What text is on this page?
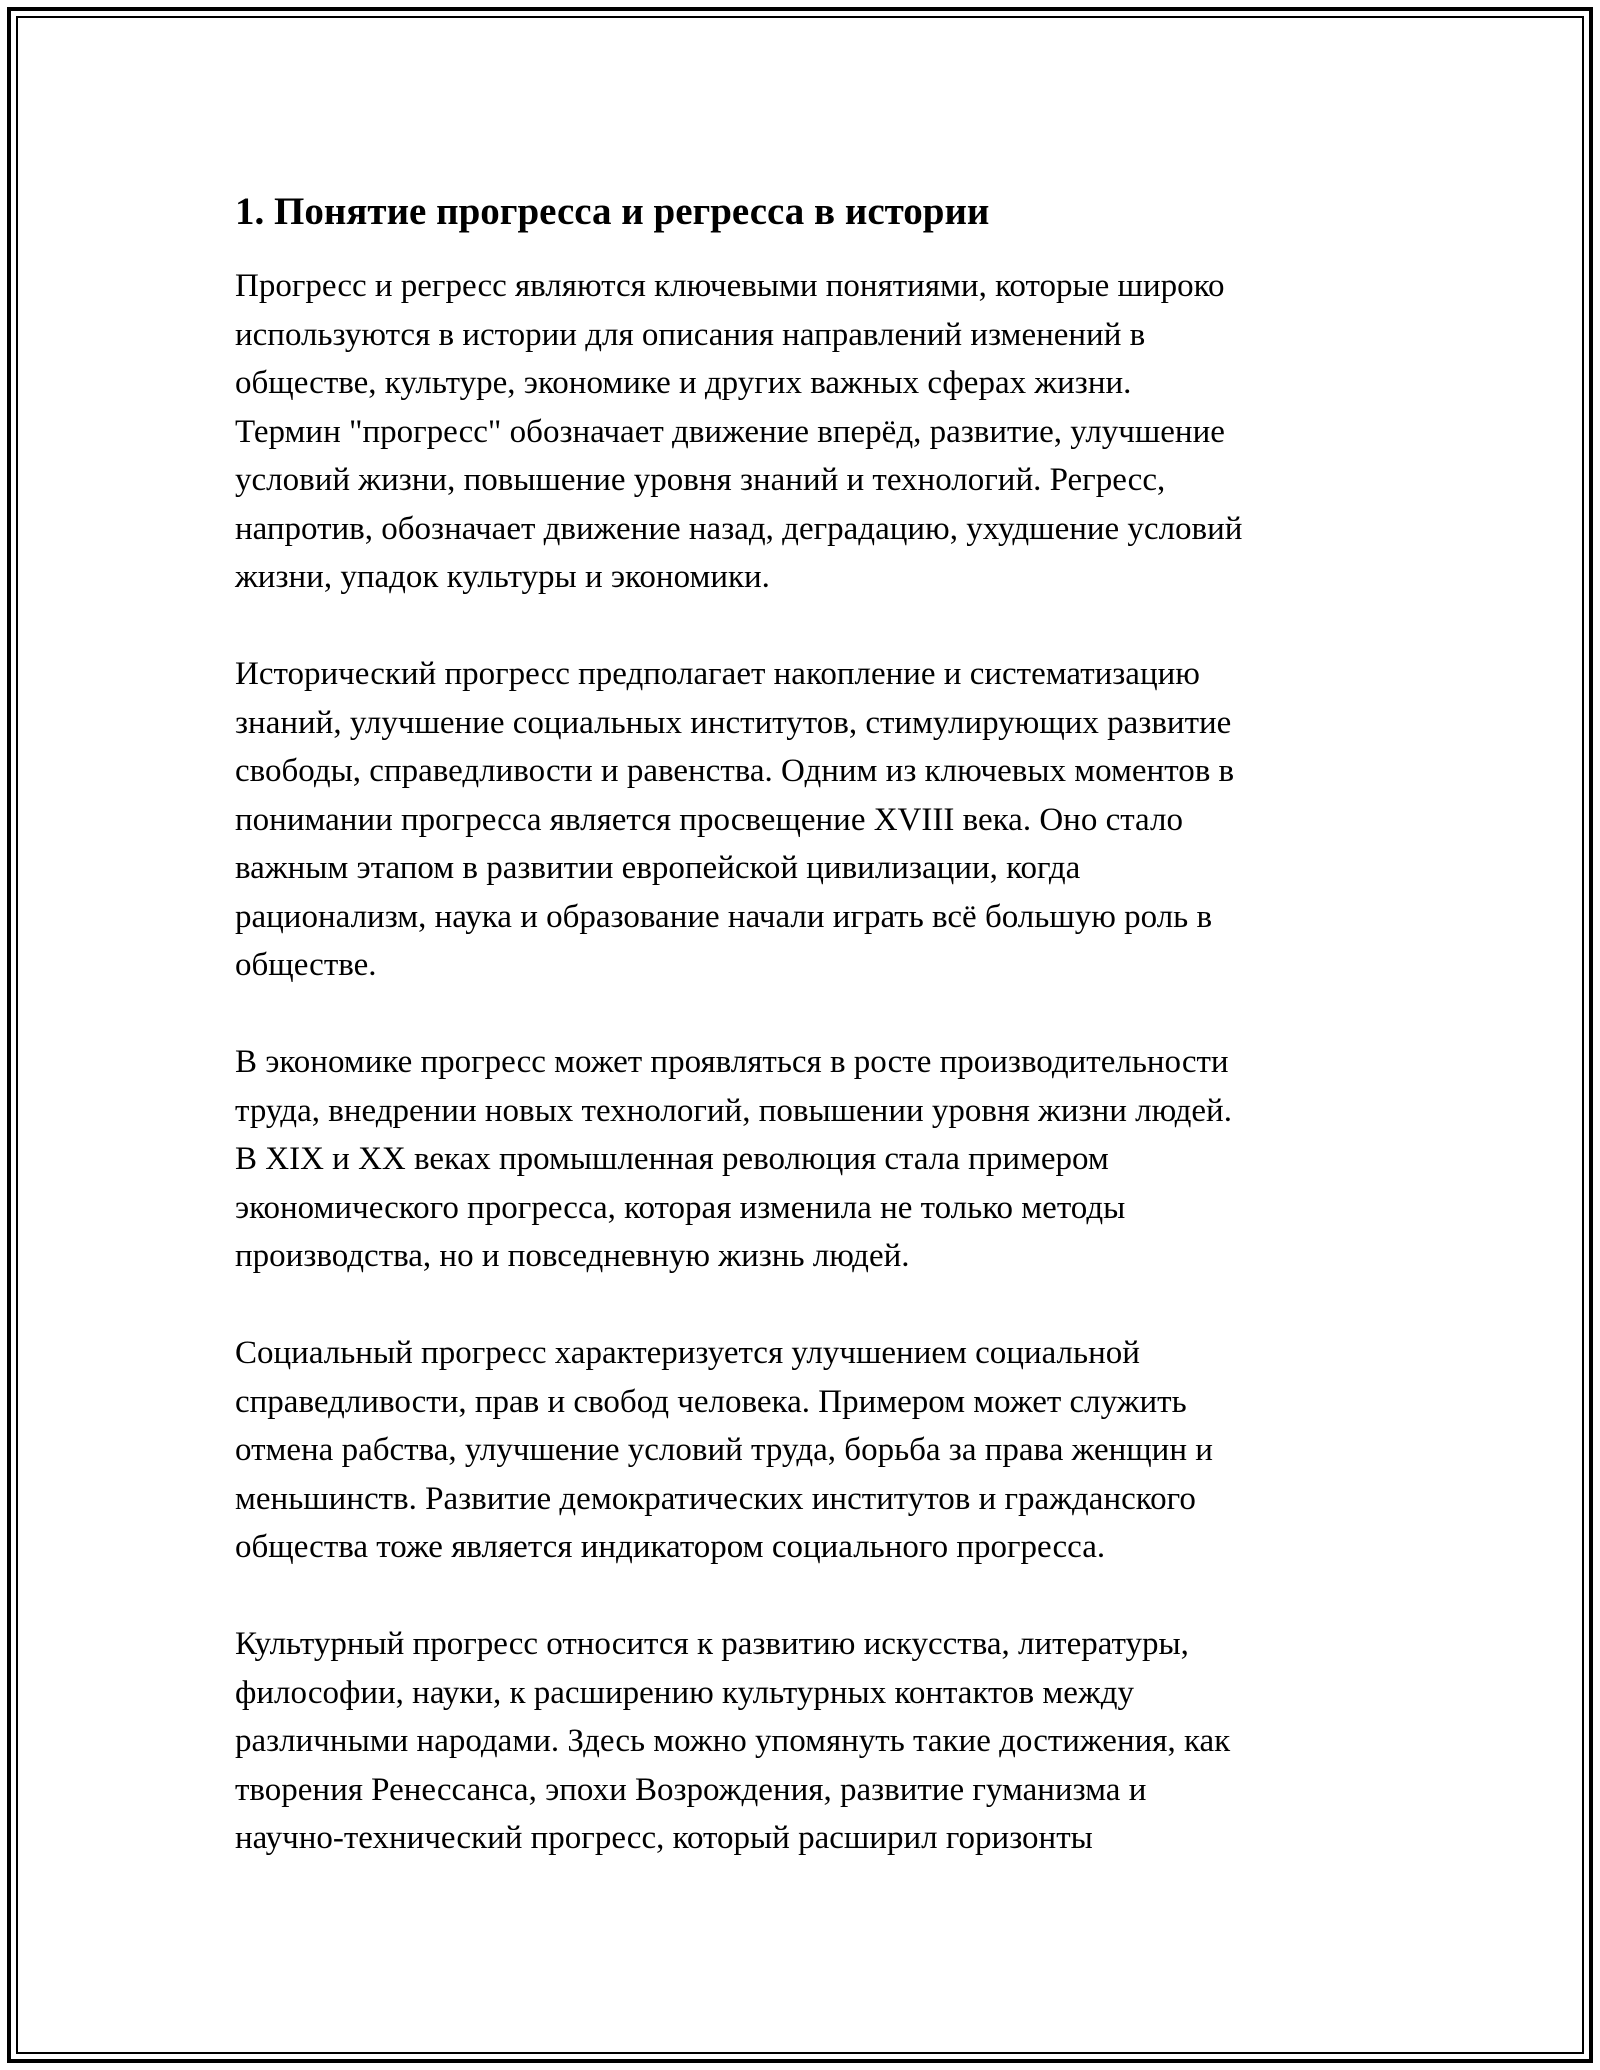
1. Понятие прогресса и регресса в истории

Прогресс и регресс являются ключевыми понятиями, которые широко
используются в истории для описания направлений изменений в
обществе, культуре, экономике и других важных сферах жизни.
Термин "прогресс" обозначает движение вперёд, развитие, улучшение
условий жизни, повышение уровня знаний и технологий. Регресс,
напротив, обозначает движение назад, деградацию, ухудшение условий
жизни, упадок культуры и экономики.

Исторический прогресс предполагает накопление и систематизацию
знаний, улучшение социальных институтов, стимулирующих развитие
свободы, справедливости и равенства. Одним из ключевых моментов в
понимании прогресса является просвещение XVIII века. Оно стало
важным этапом в развитии европейской цивилизации, когда
рационализм, наука и образование начали играть всё большую роль в
обществе.

В экономике прогресс может проявляться в росте производительности
труда, внедрении новых технологий, повышении уровня жизни людей.
В XIX и XX веках промышленная революция стала примером
экономического прогресса, которая изменила не только методы
производства, но и повседневную жизнь людей.

Социальный прогресс характеризуется улучшением социальной
справедливости, прав и свобод человека. Примером может служить
отмена рабства, улучшение условий труда, борьба за права женщин и
меньшинств. Развитие демократических институтов и гражданского
общества тоже является индикатором социального прогресса.

Культурный прогресс относится к развитию искусства, литературы,
философии, науки, к расширению культурных контактов между
различными народами. Здесь можно упомянуть такие достижения, как
творения Ренессанса, эпохи Возрождения, развитие гуманизма и
научно-технический прогресс, который расширил горизонты
